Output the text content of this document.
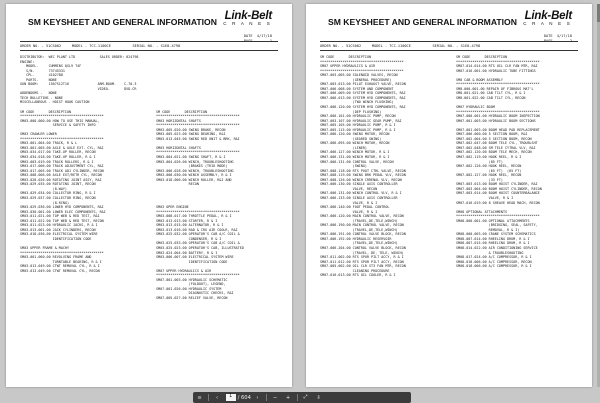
SM KEYSHEET AND GENERAL INFORMATION Link-Belt
C R A N E S
DATE 4/17/18
PAGE	1
ORDER NO. - 51CS002     MODEL - TCC-1100CE          SERIAL NO. - S1E8-4798
DISTRIBUTOR:  WEC PLANT LTD            SALES ORDER: 024798
ENGINE:
MODEL-     CUMMINS QSL9 T4F
S/N-       73745331
CPL-       4102788
PARTS-     NONE
GUN BOOM:     1507S12T16              ARM-BOOM-    C-70-3
VIDEO-       DVD-CR
ADDENDUMS -   NONE
TECH BULLETINS - NONE
MISCELLANEOUS - HOIST HOOK CAUTION
SM CODE       DESCRIPTION
*****************************************
SM03-000-000.00 HOW TO USE THIS MANUAL,
SERVICE & SAFETY INFO
SM03 CRAWLER LOWER
*****************************************
SM03-001-004.00 TRACK, R & L
SM03-001-005.00 AXLE & AXLE EXT. CYL, R&I
SM03-034-017.00 TAKE-UP ROLLER, RECON
SM03-034-018.00 TAKE-UP ROLLER, R & I
SM03-003-019.00 TRACK ROLLERS, R & I
SM03-017-006.00 TRACK ADJUSTMENT CYL, R&I
SM03-017-005.00 TRACK ADJ CYLINDER, RECON
SM03-008-006.00 AXLE EXT/RETR CYL, RECON
SM03-028-026.00 ROTATING JOINT ASSY, R&I
SM03-029-035.00 ROTATING JOINT, RECON
(8-WAY)
SM03-029-034.00 COLLECTOR RING, R & I
SM03-029-037.00 COLLECTOR RING, RECON
(8-RING)
SM03-029-036.00 LOWER HYD COMPONENTS, R&I
SM03-030-001.00 LOWER ELEC COMPONENTS, R&I
SM03-011-021.00 TOP WEB & RED TEST, R&I
SM03-011-022.00 TOP WEB & RED TEST, RECON
SM03-011-023.00 HYDRAULIC JACKS, R & I
SM03-013-001.00 JACK CYLINDERS, RECON
SM03-018-036.00 ELECTRICAL SYSTEM WIRE
IDENTIFICATION CODE
SM03 UPPER FRAME & MACHY
*****************************************
SM03-001-060.00 REVOLVING FRAME AND
TURNTABLE BEARING, R & I
SM03-013-049.00 CTWT REMOVAL CYL, R & I
SM03-013-049.00 CTWT REMOVAL CYL, RECON
SM CODE       DESCRIPTION
*****************************************
SM03 HORIZONTAL SHAFTS
*****************************************
SM03-005-020.00 SWING BRAKE, RECON
SM03-005-023.00 SWING BEARING, R&I
SM03-013-045.00 SWING RED UNIT & BRK, R&I
SM03 HORIZONTAL SHAFTS
*****************************************
SM03-004-021.00 SWING SHAFT, R & I
SM03-004-026.00 WINCH, TROUBLESHOOTING
(BRAKES (TRIO MODE)
SM03-006-028.00 WINCH, TROUBLESHOOTING
SM03-008-030.00 WINCH ASSEMBLY, R & I
SM03-018-006.00 WINCH ROLLER, R&I AND
RECON
SM03 OPER ENGINE
*****************************************
SM03-008-017.00 THROTTLE PEDAL, R & I
SM03-013-013.00 STARTER, R & I
SM03-013-015.00 ALTERNATOR, R & I
SM03-013-016.00 RAD & CRG AIR COOLR, R&I
SM03-025-032.00 OPERATOR'S CAB A/C COIL &
CONDENSER, R & I
SM03-025-033.00 OPERATOR'S CAB A/C COIL &
SM03-025-023.00 OPERATOR'S CAB, ILLUSTRATED
SM03-024-004.00 BATTERY, R & I
SM03-006-007.00 ELECTRICAL SYSTEM WIRE
IDENTIFICATION CODE
SM07 UPPER HYDRAULICS & AIR
*****************************************
SM07-001-003.00 HYDRAULIC SCHEMATIC
(FOLDOUT), LEGEND,
SM07-001-026.00 HYDRAULIC SYSTEM
DIAGNOSTIC CHECKS, R&I
SM07-005-027.00 RELIEF VALVE, RECON
SM KEYSHEET AND GENERAL INFORMATION Link-Belt
C R A N E S
DATE 4/17/18
PAGE	2
ORDER NO. - 51CS002     MODEL - TCC-1100CE          SERIAL NO. - S1E8-4798
SM CODE       DESCRIPTION
*****************************************
SM07 UPPER HYDRAULICS & AIR
*****************************************
SM07-003-005.00 SOLENOID VALVES, RECON
(GENERAL PROCEDURE)
SM07-003-013.00 PILOT EXHAUST VALVE, RECON
SM07-006-008.00 SYSTEM AND COMPONENT
SM07-006-009.00 SYSTEM HYD COMPONENTS, R&I
SM07-006-013.00 SYSTEM HYD COMPONENTS, R&I
(TWO WINCH FLUSHING)
SM07-006-120.00 SYSTEM HYD COMPONENTS, R&I
(DEP FLUSHING)
SM07-006-101.00 HYDRAULIC PUMP, RECON
SM07-003-107.00 HYDRAULIC GEAR PUMP, R&I
SM07-005-105.00 HYDRAULIC PUMP, R & I
SM07-005-115.00 HYDRAULIC PUMP, R & I
SM07-006-120.00 SWING MOTOR, RECON
(GEARED SWING)
SM07-006-095.00 WINCH MOTOR, RECON
(LINER)
SM07-006-127.00 WINCH MOTOR, R & I
SM07-006-131.00 WINCH MOTOR, R & I
SM07-006-131.00 CONTROL VALVE, RECON
(SWING)
SM07-008-118.00 RTS PUOT CTRL VALVE, RECON
SM07-008-119.00 SWING BRK PEDAL VLV, RECON
SM07-008-126.00 WINCH CRRENAL VLV, RECON
SM07-006-130.00 SINGLE AXIS CONTROLLER
VALVE, RECON
SM07-006-131.00 WINCH CONTROL VLV, R & I
SM07-006-133.00 SINGLE AXIS CONTROLLER
VALVE, R & I
SM07-006-140.00 FOOT PEDAL CONTROL
VALVE, R & I
SM07-006-120.00 MAIN CONTROL VALVE, RECON
(TRAVEL,DE,TELE,WINCH)
SM07-006-190.00 MAIN CONTROL VALVE, RECON
(TRAVEL,DE,TELE,WINCH)
SM07-006-191.00 CONTROL VALVE BLOCK, RECON
SM07-006-192.00 HYDRAULIC RESERVOIR
(TRAVEL,DE,TELE,WINCH)
SM07-006-204.00 CONTROL VALVE BLOCK, RECON
(TRAVEL, DE, TELE, WINCH)
SM07-011-002.00 RTS SPUR PILT ACCY, R & I
SM07-011-012.00 RTS SPUR PILT ACCY, RECON
SM07-005-002.00 OIL CLR ST3 FAN MTR, RECON
CLEANING PROCEDURE
SM07-016-013.00 RTS OIL COOLER, R & I
SM CODE       DESCRIPTION
*****************************************
SM07-014-014.00 RTS OIL CLR FAN MTR, R&I
SM07-016-001.00 HYDRAULIC TUBE FITTINGS
SM8 CAB & BOOM ASSEMBLY
*****************************************
SM8-000-001.00 REPAIR OF FIBROUS MAT'L
SM8-001-021.00 CAB TILT CYL, R & I
SM8-001-022.00 CAB TILT CYL, RECON
SM07 HYDRAULIC BOOM
*****************************************
SM07-000-001.00 HYDRAULIC BOOM INSPECTION
SM07-001-003.00 HYDRAULIC BOOM SECTIONS
SM07-001-003.00 BOOM HEAD PAD REPLACEMENT
SM07-006-000.00 5 SECTION BOOM, R&I
SM07-002-004.00 5 SECTION BOOM, RECON
SM07-002-047.00 BOOM TELE CYL, TROUBLSHT
SM07-002-048.00 SM TELE CYTRAL VLV, R&I
SM07-002-120.00 BOOM TELE MECH, RECON
SM07-002-119.00 HOOK REEL, R & I
(85 FT)
SM07-002-126.00 HOOK REEL, RECON
(65 FT)  (65 FT)
SM07-002-127.00 HOOK REEL, RECON
(33 FT)
SM07-003-013.00 BOOM HOIST CYLINDER, R&I
SM07-003-004.00 BOOM HOIST CYLINDER, RECON
SM07-003-014.00 BOOM HOIST COUNTERBALANCE
VALVE, R & I
SM07-016-019.00 8 SHEAVE HEAD MACH, RECON
SM08 OPTIONAL ATTACHMENTS
*****************************************
SM08-000-001.00 OPTIONAL ATTACHMENTS
(BRIDGING, SEAL, SAFETY,
REMOVAL, R & I)
SM08-000-003.00 CRANE SYSTEM SCHEMATICS
SM08-007-014.00 RHEELING DRUM, R & I
SM08-007-015.00 RHEELING DRUM, R & I
SM08-014-022.00 AIR CONDITIONING SERVICE
& TROUBLESHOOTING
SM08-017-024.00 A/C COMPRESSOR, R & I
SM08-018-006.00 A/C COMPRESSOR, RECON
SM08-018-006.00 A/C COMPRESSOR, R & I
≡	‹	1	/ 604	›	−	+	⤢	⇩
